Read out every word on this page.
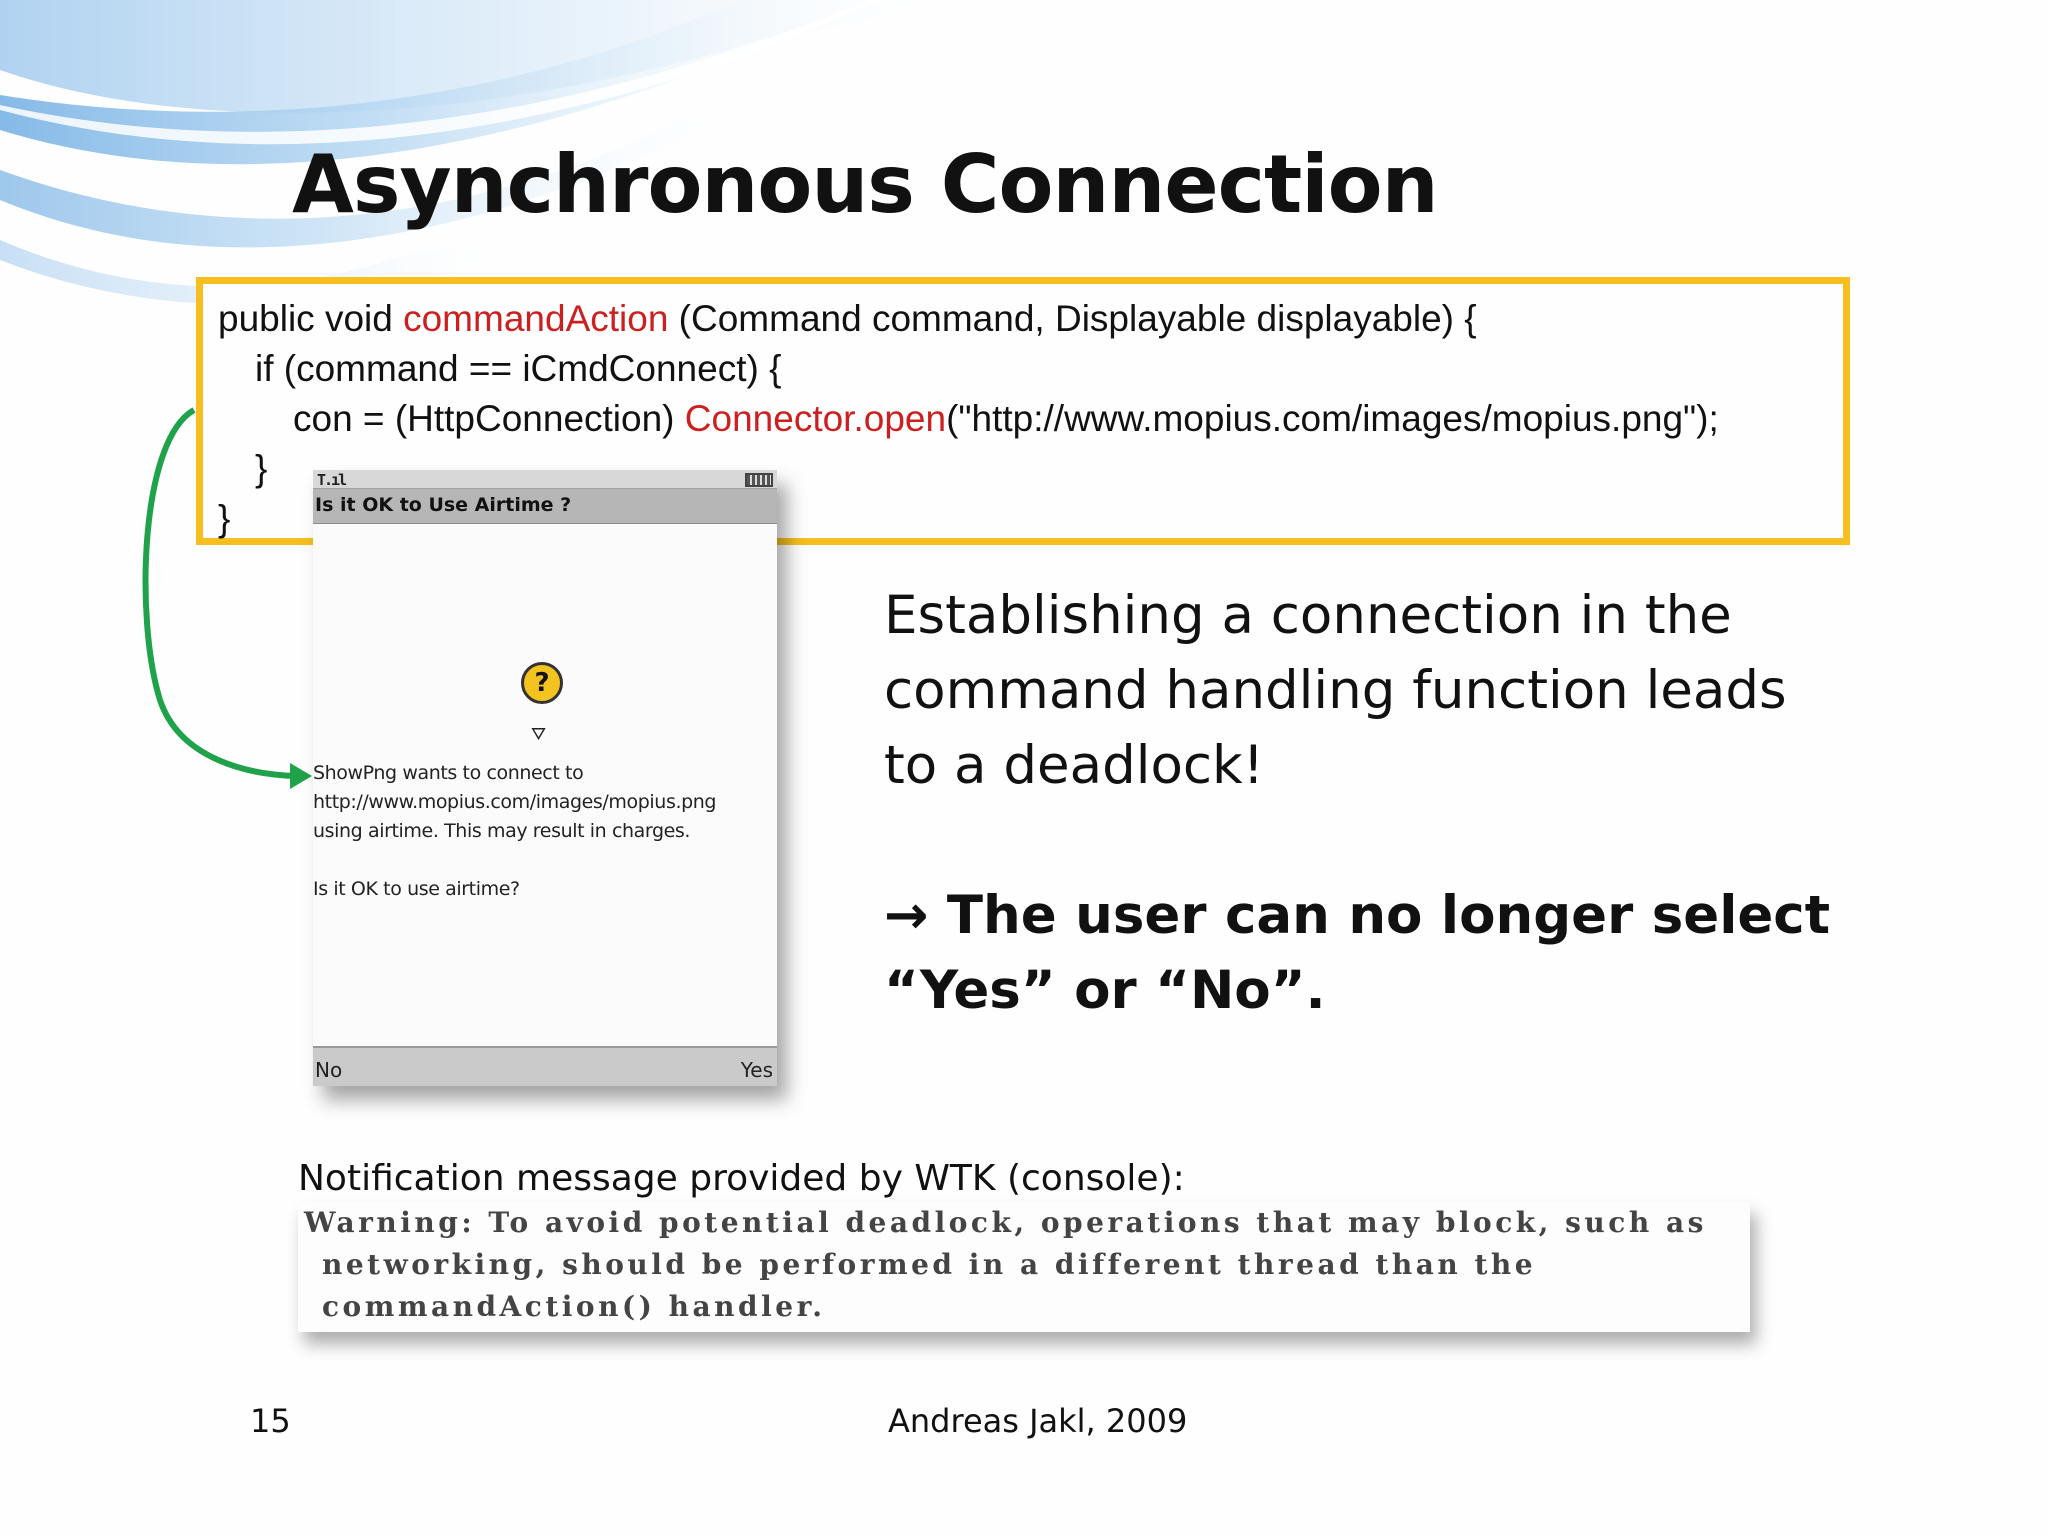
Asynchronous Connection
public void commandAction (Command command, Displayable displayable) {
if (command == iCmdConnect) {
con = (HttpConnection) Connector.open("http://www.mopius.com/images/mopius.png");
}
}
T.ıl
Is it OK to Use Airtime ?
?
⛛
ShowPng wants to connect to
http://www.mopius.com/images/mopius.png
using airtime. This may result in charges.
Is it OK to use airtime?
No	Yes
Establishing a connection in the
command handling function leads
to a deadlock!
→ The user can no longer select
“Yes” or “No”.
Notification message provided by WTK (console):
Warning: To avoid potential deadlock, operations that may block, such as
networking, should be performed in a different thread than the
commandAction() handler.
15	Andreas Jakl, 2009
